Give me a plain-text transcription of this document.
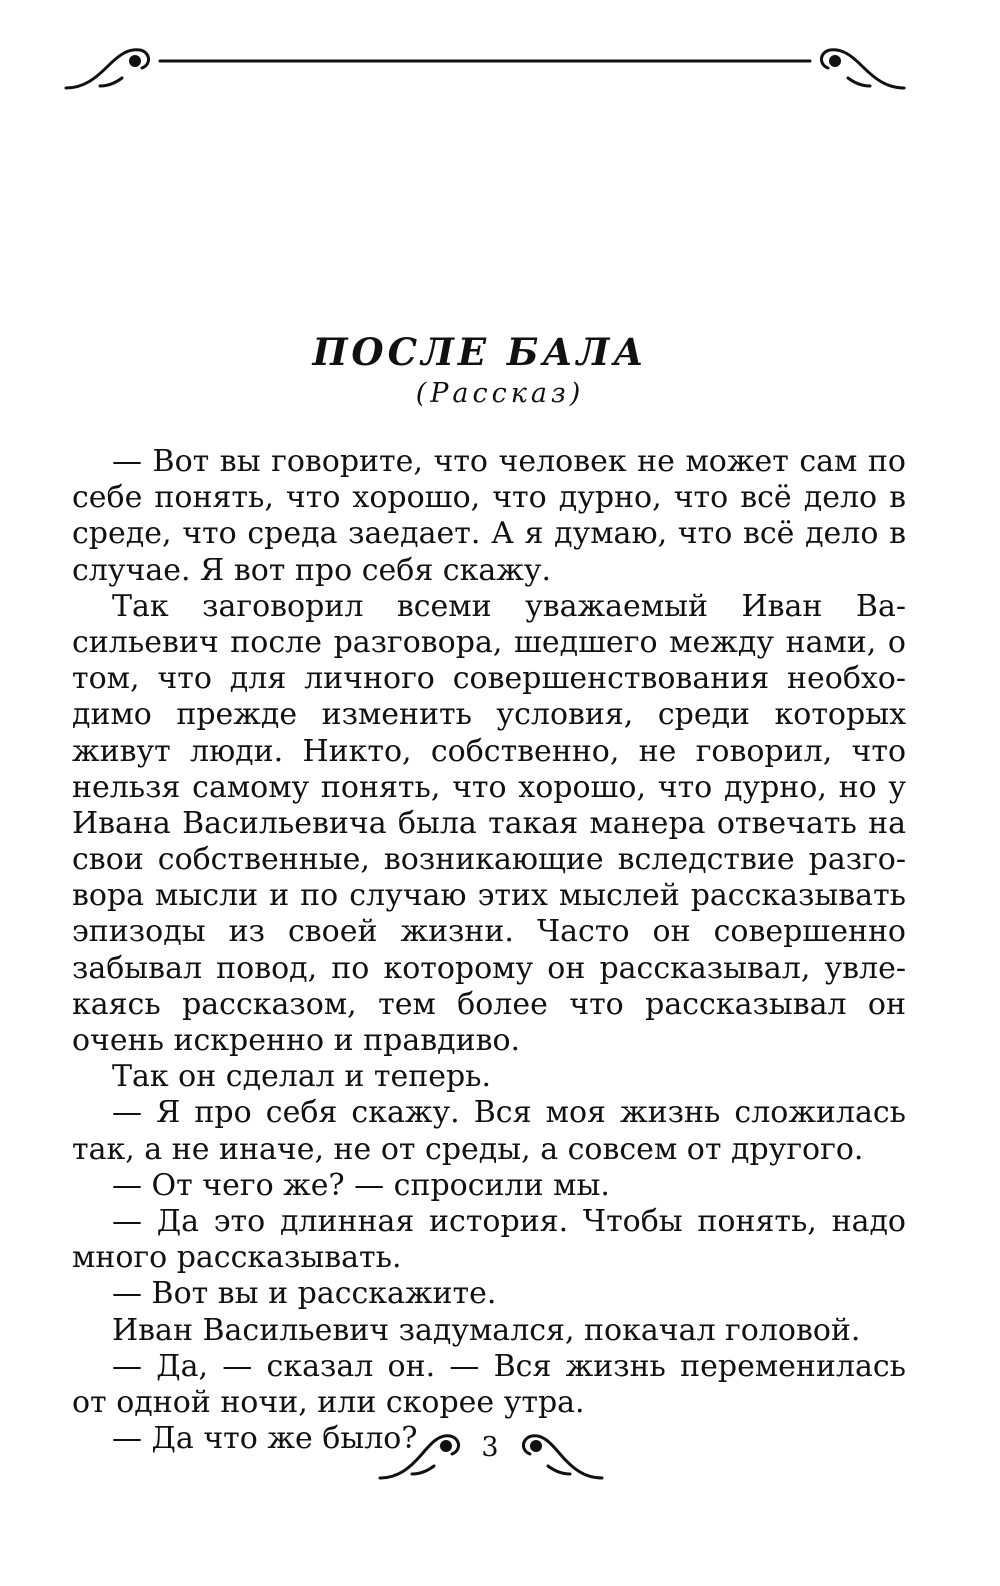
ПОСЛЕ БАЛА
(Рассказ)
— Вот вы говорите, что человек не может сам по
себе понять, что хорошо, что дурно, что всё дело в
среде, что среда заедает. А я думаю, что всё дело в
случае. Я вот про себя скажу.
Так заговорил всеми уважаемый Иван Ва-
сильевич после разговора, шедшего между нами, о
том, что для личного совершенствования необхо-
димо прежде изменить условия, среди которых
живут люди. Никто, собственно, не говорил, что
нельзя самому понять, что хорошо, что дурно, но у
Ивана Васильевича была такая манера отвечать на
свои собственные, возникающие вследствие разго-
вора мысли и по случаю этих мыслей рассказывать
эпизоды из своей жизни. Часто он совершенно
забывал повод, по которому он рассказывал, увле-
каясь рассказом, тем более что рассказывал он
очень искренно и правдиво.
Так он сделал и теперь.
— Я про себя скажу. Вся моя жизнь сложилась
так, а не иначе, не от среды, а совсем от другого.
— От чего же? — спросили мы.
— Да это длинная история. Чтобы понять, надо
много рассказывать.
— Вот вы и расскажите.
Иван Васильевич задумался, покачал головой.
— Да, — сказал он. — Вся жизнь переменилась
от одной ночи, или скорее утра.
— Да что же было?	3
